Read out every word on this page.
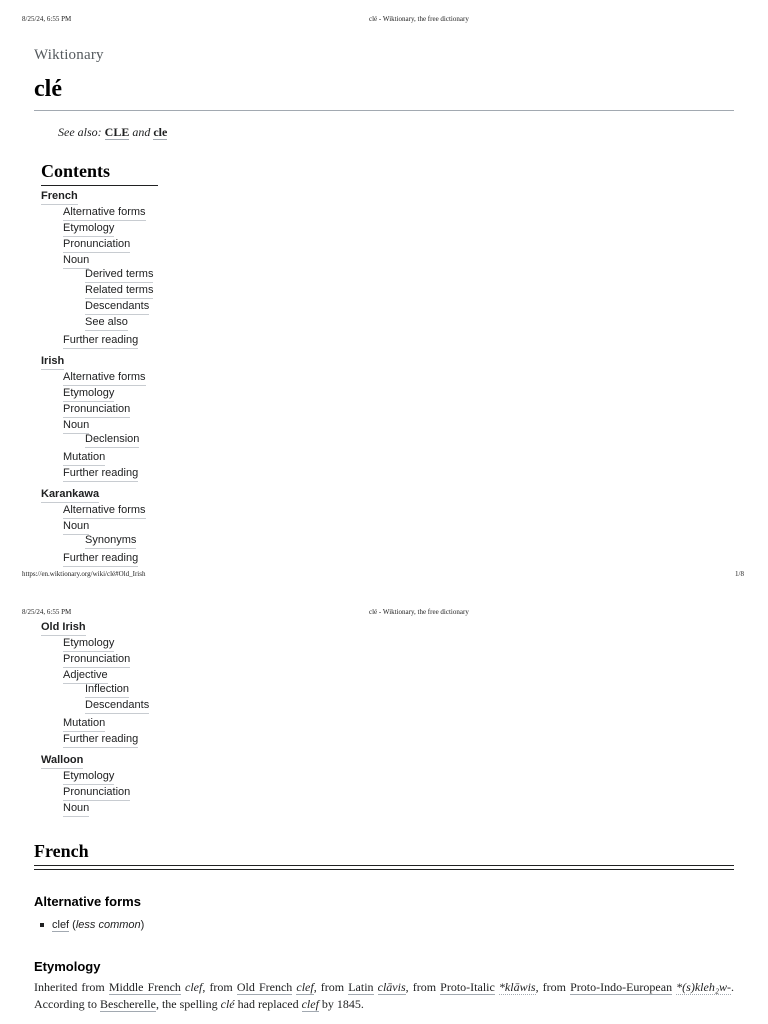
8/25/24, 6:55 PM	clé - Wiktionary, the free dictionary
Wiktionary
clé
See also: CLE and cle
Contents
French
Alternative forms
Etymology
Pronunciation
Noun
Derived terms
Related terms
Descendants
See also
Further reading
Irish
Alternative forms
Etymology
Pronunciation
Noun
Declension
Mutation
Further reading
Karankawa
Alternative forms
Noun
Synonyms
Further reading
https://en.wiktionary.org/wiki/clé#Old_Irish	1/8
8/25/24, 6:55 PM	clé - Wiktionary, the free dictionary
Old Irish
Etymology
Pronunciation
Adjective
Inflection
Descendants
Mutation
Further reading
Walloon
Etymology
Pronunciation
Noun
French
Alternative forms
clef (less common)
Etymology
Inherited from Middle French clef, from Old French clef, from Latin clāvis, from Proto-Italic *klāwis, from Proto-Indo-European *(s)kleh₂w-. According to Bescherelle, the spelling clé had replaced clef by 1845.
